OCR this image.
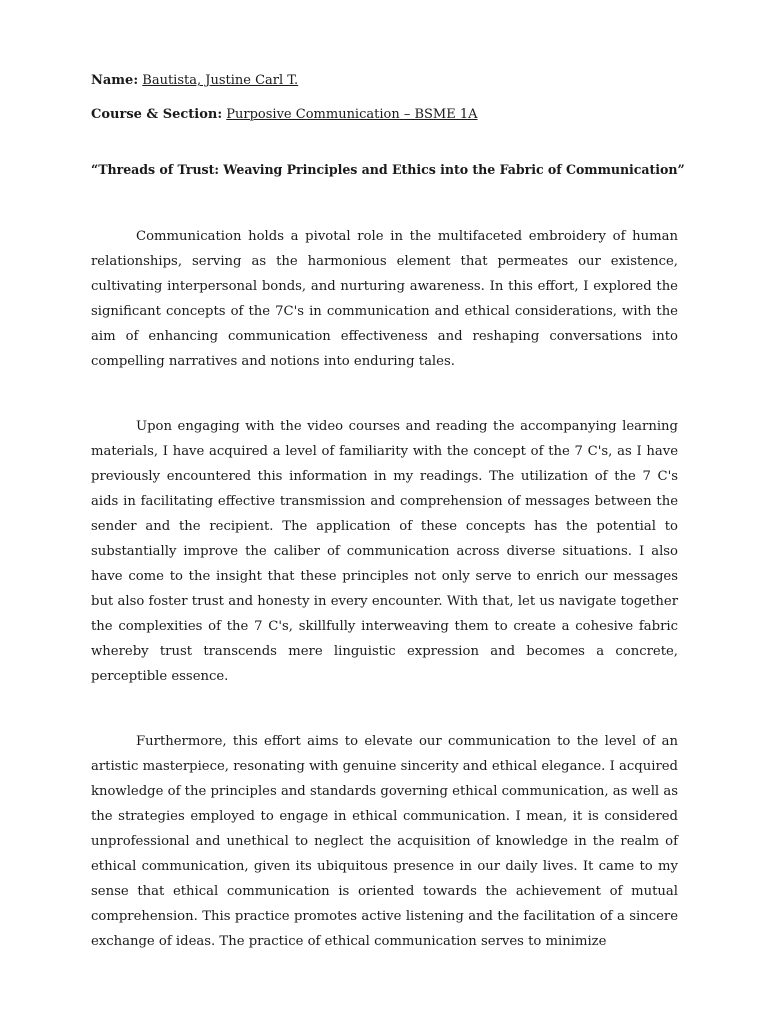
Name: Bautista, Justine Carl T.

Course & Section: Purposive Communication – BSME 1A

“Threads of Trust: Weaving Principles and Ethics into the Fabric of Communication”

Communication holds a pivotal role in the multifaceted embroidery of human relationships, serving as the harmonious element that permeates our existence, cultivating interpersonal bonds, and nurturing awareness. In this effort, I explored the significant concepts of the 7C's in communication and ethical considerations, with the aim of enhancing communication effectiveness and reshaping conversations into compelling narratives and notions into enduring tales.

Upon engaging with the video courses and reading the accompanying learning materials, I have acquired a level of familiarity with the concept of the 7 C's, as I have previously encountered this information in my readings. The utilization of the 7 C's aids in facilitating effective transmission and comprehension of messages between the sender and the recipient. The application of these concepts has the potential to substantially improve the caliber of communication across diverse situations. I also have come to the insight that these principles not only serve to enrich our messages but also foster trust and honesty in every encounter. With that, let us navigate together the complexities of the 7 C's, skillfully interweaving them to create a cohesive fabric whereby trust transcends mere linguistic expression and becomes a concrete, perceptible essence.

Furthermore, this effort aims to elevate our communication to the level of an artistic masterpiece, resonating with genuine sincerity and ethical elegance. I acquired knowledge of the principles and standards governing ethical communication, as well as the strategies employed to engage in ethical communication. I mean, it is considered unprofessional and unethical to neglect the acquisition of knowledge in the realm of ethical communication, given its ubiquitous presence in our daily lives. It came to my sense that ethical communication is oriented towards the achievement of mutual comprehension. This practice promotes active listening and the facilitation of a sincere exchange of ideas. The practice of ethical communication serves to minimize
